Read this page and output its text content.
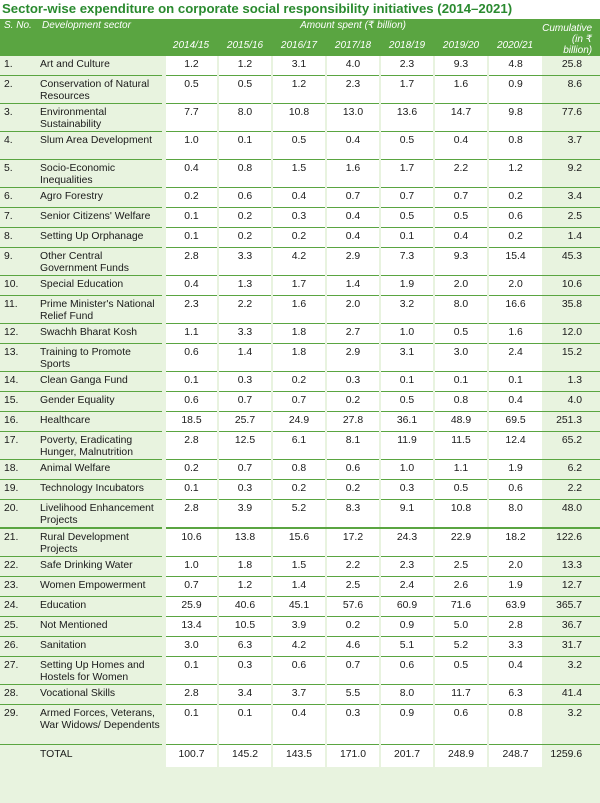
Sector-wise expenditure on corporate social responsibility initiatives (2014–2021)
S. No.	Development sector	Amount spent (₹ billion)							Cumulative
(in ₹ billion)

		2014/15	2015/16	2016/17	2017/18	2018/19	2019/20	2020/21	
1.	Art and Culture	1.2	1.2	3.1	4.0	2.3	9.3	4.8	25.8
2.	Conservation of Natural Resources	0.5	0.5	1.2	2.3	1.7	1.6	0.9	8.6
3.	Environmental Sustainability	7.7	8.0	10.8	13.0	13.6	14.7	9.8	77.6
4.	Slum Area Development	1.0	0.1	0.5	0.4	0.5	0.4	0.8	3.7
5.	Socio-Economic Inequalities	0.4	0.8	1.5	1.6	1.7	2.2	1.2	9.2
6.	Agro Forestry	0.2	0.6	0.4	0.7	0.7	0.7	0.2	3.4
7.	Senior Citizens' Welfare	0.1	0.2	0.3	0.4	0.5	0.5	0.6	2.5
8.	Setting Up Orphanage	0.1	0.2	0.2	0.4	0.1	0.4	0.2	1.4
9.	Other Central Government Funds	2.8	3.3	4.2	2.9	7.3	9.3	15.4	45.3
10.	Special Education	0.4	1.3	1.7	1.4	1.9	2.0	2.0	10.6
11.	Prime Minister's National Relief Fund	2.3	2.2	1.6	2.0	3.2	8.0	16.6	35.8
12.	Swachh Bharat Kosh	1.1	3.3	1.8	2.7	1.0	0.5	1.6	12.0
13.	Training to Promote Sports	0.6	1.4	1.8	2.9	3.1	3.0	2.4	15.2
14.	Clean Ganga Fund	0.1	0.3	0.2	0.3	0.1	0.1	0.1	1.3
15.	Gender Equality	0.6	0.7	0.7	0.2	0.5	0.8	0.4	4.0
16.	Healthcare	18.5	25.7	24.9	27.8	36.1	48.9	69.5	251.3
17.	Poverty, Eradicating Hunger, Malnutrition	2.8	12.5	6.1	8.1	11.9	11.5	12.4	65.2
18.	Animal Welfare	0.2	0.7	0.8	0.6	1.0	1.1	1.9	6.2
19.	Technology Incubators	0.1	0.3	0.2	0.2	0.3	0.5	0.6	2.2
20.	Livelihood Enhancement Projects	2.8	3.9	5.2	8.3	9.1	10.8	8.0	48.0
21.	Rural Development Projects	10.6	13.8	15.6	17.2	24.3	22.9	18.2	122.6
22.	Safe Drinking Water	1.0	1.8	1.5	2.2	2.3	2.5	2.0	13.3
23.	Women Empowerment	0.7	1.2	1.4	2.5	2.4	2.6	1.9	12.7
24.	Education	25.9	40.6	45.1	57.6	60.9	71.6	63.9	365.7
25.	Not Mentioned	13.4	10.5	3.9	0.2	0.9	5.0	2.8	36.7
26.	Sanitation	3.0	6.3	4.2	4.6	5.1	5.2	3.3	31.7
27.	Setting Up Homes and Hostels for Women	0.1	0.3	0.6	0.7	0.6	0.5	0.4	3.2
28.	Vocational Skills	2.8	3.4	3.7	5.5	8.0	11.7	6.3	41.4
29.	Armed Forces, Veterans, War Widows/ Dependents	0.1	0.1	0.4	0.3	0.9	0.6	0.8	3.2
	TOTAL	100.7	145.2	143.5	171.0	201.7	248.9	248.7	1259.6
